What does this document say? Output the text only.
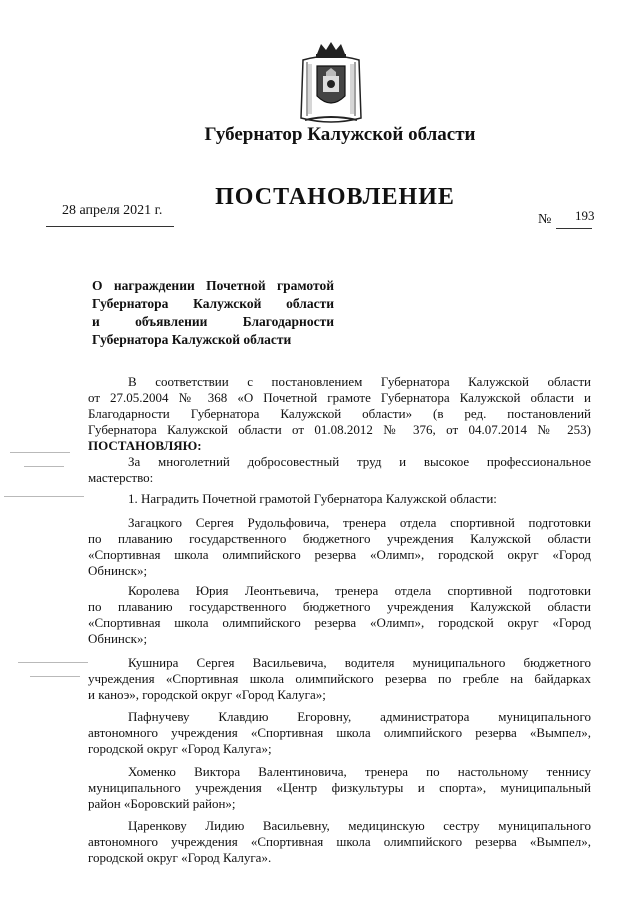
Губернатор Калужской области
ПОСТАНОВЛЕНИЕ
28 апреля 2021 г.
№ 193
О награждении Почетной грамотой
Губернатора Калужской области
и	объявлении	Благодарности
Губернатора Калужской области
В соответствии с постановлением Губернатора Калужской области
от 27.05.2004 № 368 «О Почетной грамоте Губернатора Калужской области и
Благодарности Губернатора Калужской области» (в ред. постановлений
Губернатора Калужской области от 01.08.2012 № 376, от 04.07.2014 № 253)
ПОСТАНОВЛЯЮ:
За многолетний добросовестный труд и высокое профессиональное
мастерство:
1. Наградить Почетной грамотой Губернатора Калужской области:
Загацкого Сергея Рудольфовича, тренера отдела спортивной подготовки
по плаванию государственного бюджетного учреждения Калужской области
«Спортивная школа олимпийского резерва «Олимп», городской округ «Город
Обнинск»;
Королева Юрия Леонтьевича, тренера отдела спортивной подготовки
по плаванию государственного бюджетного учреждения Калужской области
«Спортивная школа олимпийского резерва «Олимп», городской округ «Город
Обнинск»;
Кушнира Сергея Васильевича, водителя муниципального бюджетного
учреждения «Спортивная школа олимпийского резерва по гребле на байдарках
и каноэ», городской округ «Город Калуга»;
Пафнучеву Клавдию Егоровну, администратора муниципального
автономного учреждения «Спортивная школа олимпийского резерва «Вымпел»,
городской округ «Город Калуга»;
Хоменко Виктора Валентиновича, тренера по настольному теннису
муниципального учреждения «Центр физкультуры и спорта», муниципальный
район «Боровский район»;
Царенкову Лидию Васильевну, медицинскую сестру муниципального
автономного учреждения «Спортивная школа олимпийского резерва «Вымпел»,
городской округ «Город Калуга».
